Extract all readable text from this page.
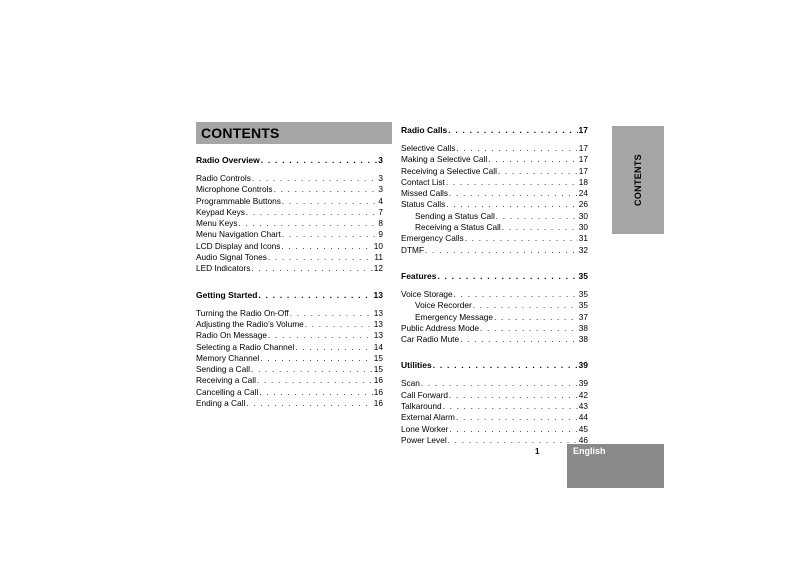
CONTENTS
CONTENTS
1	English
Radio Overview . . .	3
Radio Controls . . .	3
Microphone Controls . . .	3
Programmable Buttons . . .	4
Keypad Keys . . .	7
Menu Keys . . .	8
Menu Navigation Chart . . .	9
LCD Display and Icons . . .	10
Audio Signal Tones . . .	11
LED Indicators . . .	12
Getting Started . . .	13
Turning the Radio On-Off . . .	13
Adjusting the Radio’s Volume . . .	13
Radio On Message . . .	13
Selecting a Radio Channel . . .	14
Memory Channel . . .	15
Sending a Call . . .	15
Receiving a Call . . .	16
Cancelling a Call . . .	16
Ending a Call . . .	16
Radio Calls . . .	17
Selective Calls . . .	17
Making a Selective Call . . .	17
Receiving a Selective Call . . .	17
Contact List . . .	18
Missed Calls . . .	24
Status Calls . . .	26
Sending a Status Call . . .	30
Receiving a Status Call . . .	30
Emergency Calls . . .	31
DTMF . . .	32
Features . . .	35
Voice Storage . . .	35
Voice Recorder . . .	35
Emergency Message . . .	37
Public Address Mode . . .	38
Car Radio Mute . . .	38
Utilities . . .	39
Scan . . .	39
Call Forward . . .	42
Talkaround . . .	43
External Alarm . . .	44
Lone Worker . . .	45
Power Level . . .	46
